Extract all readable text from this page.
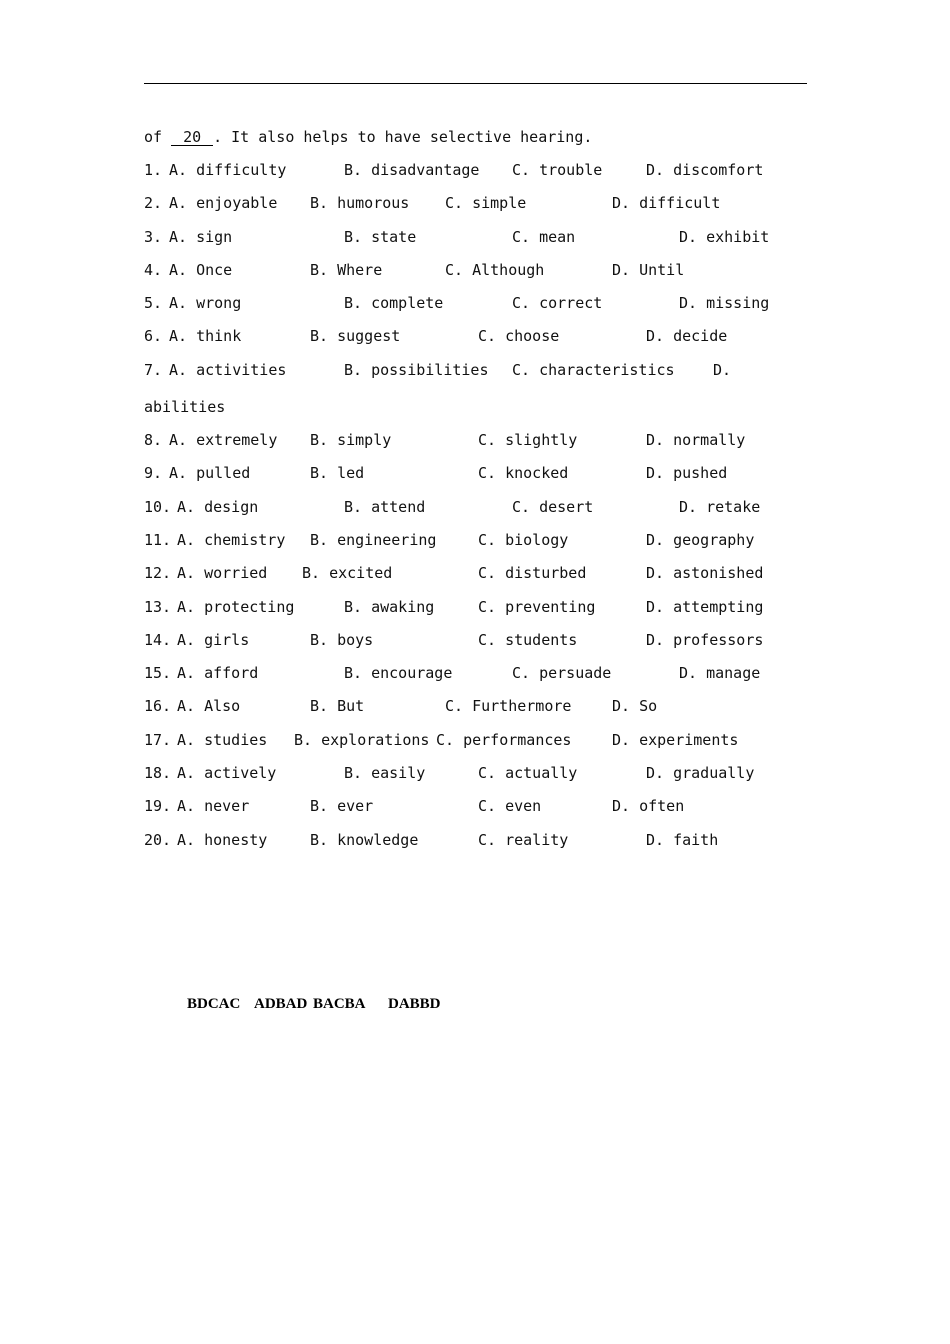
of 20 . It also helps to have selective hearing.
1. A. difficulty	B. disadvantage C. trouble	D. discomfort
2. A. enjoyable B. humorous C. simple	D. difficult
3. A. sign	B. state	C. mean	D. exhibit
4. A. Once	B. Where	C. Although	D. Until
5. A. wrong	B. complete	C. correct	D. missing
6. A. think	B. suggest	C. choose	D. decide
7. A. activities	B. possibilities C. characteristics	D.
abilities
8. A. extremely B. simply	C. slightly	D. normally
9. A. pulled	B. led	C. knocked	D. pushed
10. A. design	B. attend	C. desert	D. retake
11. A. chemistry B. engineering	C. biology	D. geography
12. A. worried B. excited	C. disturbed	D. astonished
13. A. protecting	B. awaking	C. preventing	D. attempting
14. A. girls	B. boys	C. students	D. professors
15. A. afford	B. encourage	C. persuade	D. manage
16. A. Also	B. But	C. Furthermore	D. So
17. A. studies B. explorations C. performances	D. experiments
18. A. actively	B. easily	C. actually	D. gradually
19. A. never	B. ever	C. even	D. often
20. A. honesty	B. knowledge	C. reality	D. faith

BDCAC

ADBAD

BACBA

DABBD
